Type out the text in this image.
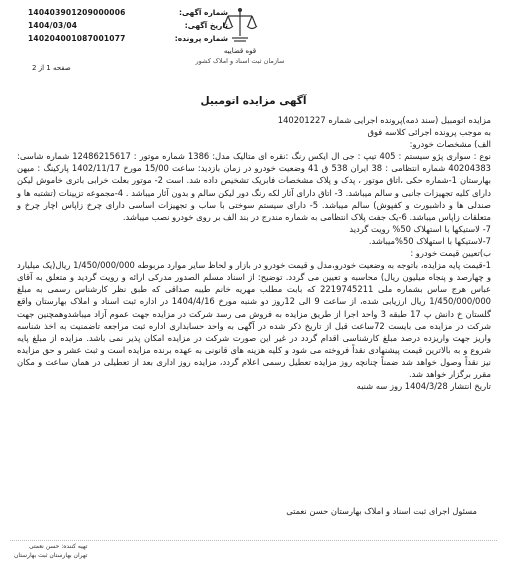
قوه قضاییه
سازمان ثبت اسناد و املاک کشور
شماره آگهی:
140403901209000006
تاریخ آگهی:
1404/03/04
شماره پرونده:
140204001087001077
صفحه 1 از 2
آگهی مزایده اتومبیل

مزایده اتومبیل (سند ذمه)پرونده اجرایی شماره 140201227

به موجب پرونده اجرائی کلاسه فوق

الف) مشخصات خودرو:

نوع : سواری پژو سیستم : 405 تیپ : جی ال ایکس رنگ :نقره ای متالیک مدل: 1386 شماره موتور : 12486215617 شماره شاسی: 40204383 شماره انتظامی : 38 ایران 538 ق 41 وضعیت خودرو در زمان بازدید: ساعت 15/00 مورخ 1402/11/17 پارکینگ : میهن بهارستان 1-شماره حکی ،اتاق موتور ، پدک و پلاک مشخصات فابریک تشخیص داده شد. است 2- موتور بعلت خرابی باتری خاموش لیکن دارای کلیه تجهیزات جانبی و سالم میباشد. 3- اتاق دارای آثار لکه رنگ دور لیکن سالم و بدون آثار میباشد . 4-مجموعه تزیینات (تشتبه ها و صندلی ها و داشبورت و کفپوش) سالم میباشد. 5- دارای سیستم سوختی با ساب و تجهیزات اساسی دارای چرخ زاپاس اچار چرخ و متعلقات زاپاس میباشد. 6-یک جفت پلاک انتظامی به شماره مندرج در بند الف بر روی خودرو نصب میباشد.

7- لاستیکها با استهلاک 50% رویت گردید

7-لاستیکها با استهلاک 50%میباشد.

ب)تعیین قیمت خودرو :

1-قیمت پایه مزایده، باتوجه به وضعیت خودرو،مدل و قیمت خودرو در بازار و لحاظ سایر موارد مربوطه 1/450/000/000 ریال(یک میلیارد و چهارصد و پنجاه میلیون ریال) محاسبه و تعیین می گردد. توضیح: از اسناد مسلم الصدور مدرکی ارائه و رویت گردید و متعلق به آقای عباس هرج ساس بشماره ملی 2219745211 که بابت مطلب مهریه خانم طیبه صداقی که طبق نظر کارشناس رسمی به مبلغ 1/450/000/000 ریال ارزیابی شده، از ساعت 9 الی 12روز دو شنبه مورخ 1404/4/16 در اداره ثبت اسناد و املاک بهارستان واقع گلستان خ دانش پ 17 طبقه 3 واحد اجرا از طریق مزایده به فروش می رسد شرکت در مزایده جهت عموم آزاد میباشدوهمچنین جهت شرکت در مزایده می بایست 72ساعت قبل از تاریخ ذکر شده در آگهی به واحد حسابداری اداره ثبت مراجعه تاضمنیت به اخذ شناسه واریز جهت واریزده درصد مبلغ کارشناسی اقدام گردد در غیر این صورت شرکت در مزایده امکان پذیر نمی باشد. مزایده از مبلغ پایه شروع و به بالاترین قیمت پیشنهادی نقداً فروخته می شود و کلیه هزینه های قانونی به عهده برنده مزایده است و ثبت عشر و حق مزایده نیز نقداً وصول خواهد شد ضمناً چنانچه روز مزایده تعطیل رسمی اعلام گردد، مزایده روز اداری بعد از تعطیلی در همان ساعت و مکان مقرر برگزار خواهد شد.

تاریخ انتشار 1404/3/28 روز سه شنبه

مسئول اجرای ثبت اسناد و املاک بهارستان حسن نعمتی
تهیه کننده: حسن نعمتی
تهران بهارستان ثبت بهارستان
